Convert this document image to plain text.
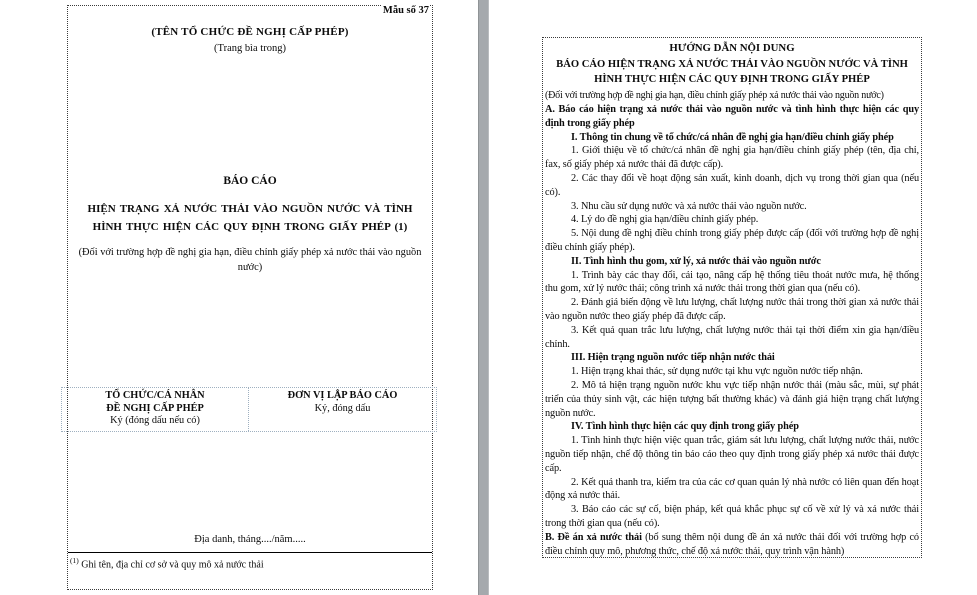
Mẫu số 37
(TÊN TỔ CHỨC ĐỀ NGHỊ CẤP PHÉP)
(Trang bìa trong)
BÁO CÁO
HIỆN TRẠNG XẢ NƯỚC THẢI VÀO NGUỒN NƯỚC VÀ TÌNH HÌNH THỰC HIỆN CÁC QUY ĐỊNH TRONG GIẤY PHÉP (1)
(Đối với trường hợp đề nghị gia hạn, điều chỉnh giấy phép xả nước thải vào nguồn nước)
TỔ CHỨC/CÁ NHÂN
ĐỀ NGHỊ CẤP PHÉP
Ký (đóng dấu nếu có)
ĐƠN VỊ LẬP BÁO CÁO
Ký, đóng dấu
Địa danh, tháng..../năm.....
$^{(1)}$ Ghi tên, địa chỉ cơ sở và quy mô xả nước thải
HƯỚNG DẪN NỘI DUNG
BÁO CÁO HIỆN TRẠNG XẢ NƯỚC THẢI VÀO NGUỒN NƯỚC VÀ TÌNH HÌNH THỰC HIỆN CÁC QUY ĐỊNH TRONG GIẤY PHÉP
(Đối với trường hợp đề nghị gia hạn, điều chỉnh giấy phép xả nước thải vào nguồn nước)

A. Báo cáo hiện trạng xả nước thải vào nguồn nước và tình hình thực hiện các quy định trong giấy phép

I. Thông tin chung về tổ chức/cá nhân đề nghị gia hạn/điều chỉnh giấy phép

1. Giới thiệu về tổ chức/cá nhân đề nghị gia hạn/điều chỉnh giấy phép (tên, địa chỉ, fax, số giấy phép xả nước thải đã được cấp).

2. Các thay đổi về hoạt động sản xuất, kinh doanh, dịch vụ trong thời gian qua (nếu có).

3. Nhu cầu sử dụng nước và xả nước thải vào nguồn nước.

4. Lý do đề nghị gia hạn/điều chỉnh giấy phép.

5. Nội dung đề nghị điều chỉnh trong giấy phép được cấp (đối với trường hợp đề nghị điều chỉnh giấy phép).

II. Tình hình thu gom, xử lý, xả nước thải vào nguồn nước

1. Trình bày các thay đổi, cải tạo, nâng cấp hệ thống tiêu thoát nước mưa, hệ thống thu gom, xử lý nước thải; công trình xả nước thải trong thời gian qua (nếu có).

2. Đánh giá biến động về lưu lượng, chất lượng nước thải trong thời gian xả nước thải vào nguồn nước theo giấy phép đã được cấp.

3. Kết quả quan trắc lưu lượng, chất lượng nước thải tại thời điểm xin gia hạn/điều chỉnh.

III. Hiện trạng nguồn nước tiếp nhận nước thải

1. Hiện trạng khai thác, sử dụng nước tại khu vực nguồn nước tiếp nhận.

2. Mô tả hiện trạng nguồn nước khu vực tiếp nhận nước thải (màu sắc, mùi, sự phát triển của thủy sinh vật, các hiện tượng bất thường khác) và đánh giá hiện trạng chất lượng nguồn nước.

IV. Tình hình thực hiện các quy định trong giấy phép

1. Tình hình thực hiện việc quan trắc, giám sát lưu lượng, chất lượng nước thải, nước nguồn tiếp nhận, chế độ thông tin báo cáo theo quy định trong giấy phép xả nước thải được cấp.

2. Kết quả thanh tra, kiểm tra của các cơ quan quản lý nhà nước có liên quan đến hoạt động xả nước thải.

3. Báo cáo các sự cố, biện pháp, kết quả khắc phục sự cố về xử lý và xả nước thải trong thời gian qua (nếu có).

B. Đề án xả nước thải (bổ sung thêm nội dung đề án xả nước thải đối với trường hợp có điều chỉnh quy mô, phương thức, chế độ xả nước thải, quy trình vận hành)
